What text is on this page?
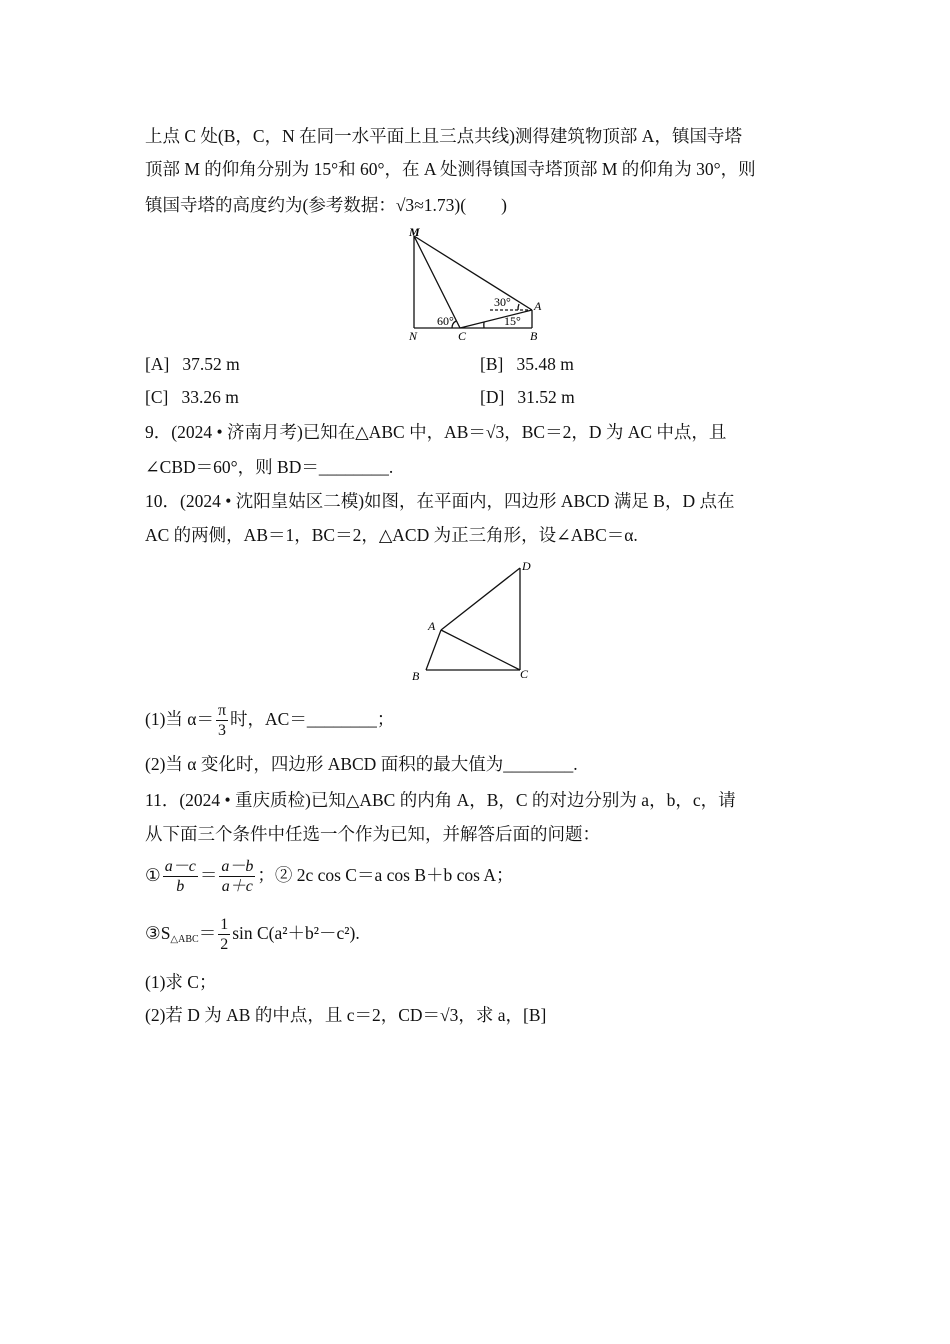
上点 C 处(B，C，N 在同一水平面上且三点共线)测得建筑物顶部 A，镇国寺塔
顶部 M 的仰角分别为 15°和 60°，在 A 处测得镇国寺塔顶部 M 的仰角为 30°，则
镇国寺塔的高度约为(参考数据：√3≈1.73)(　　)
M
N	C	B
A
60°
30°
15°
[A] 37.52 m	[B] 35.48 m
[C] 33.26 m	[D] 31.52 m
9．(2024 • 济南月考)已知在△ABC 中，AB＝√3，BC＝2，D 为 AC 中点，且
∠CBD＝60°，则 BD＝________.
10．(2024 • 沈阳皇姑区二模)如图，在平面内，四边形 ABCD 满足 B，D 点在
AC 的两侧，AB＝1，BC＝2，△ACD 为正三角形，设∠ABC＝α.
A
B	C
D
(1)当 $\alpha= \frac{\pi}{3}$ 时，AC＝________；
(2)当 α 变化时，四边形 ABCD 面积的最大值为________.
11．(2024 • 重庆质检)已知△ABC 的内角 A，B，C 的对边分别为 a，b，c，请
从下面三个条件中任选一个作为已知，并解答后面的问题：
① $\frac{a-c}{b} = \frac{a-b}{a+c}$ ；② 2c cos C＝a cos B＋b cos A；
$③S_{\triangle ABC}= \frac{1}{2}$ sin C(a²＋b²－c²).
(1)求 C；
(2)若 D 为 AB 的中点，且 c＝2，CD＝√3，求 a，[B]
